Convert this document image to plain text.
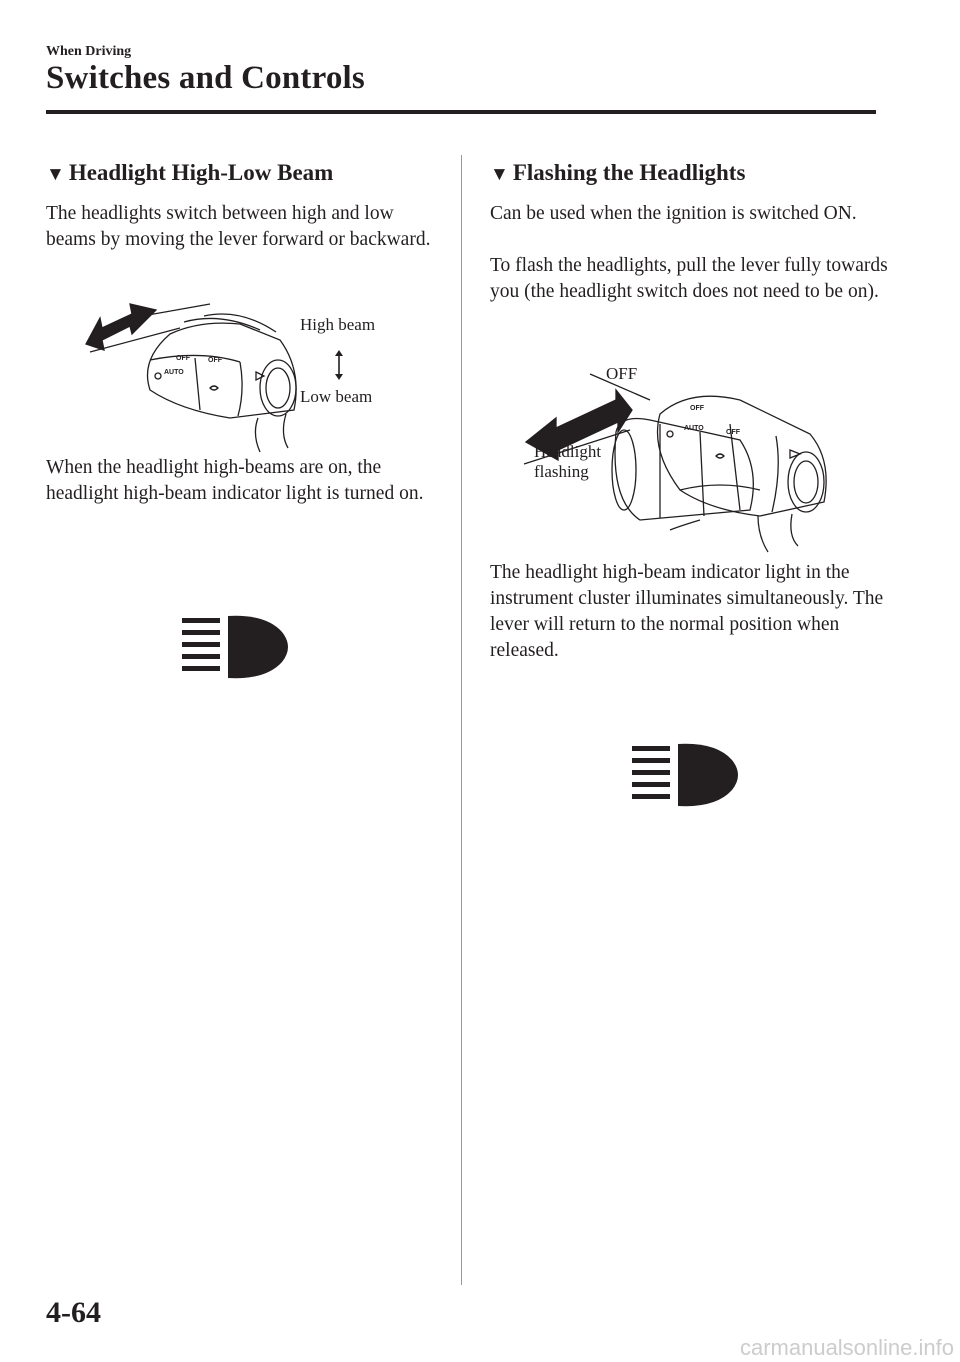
When Driving
Switches and Controls
▼ Headlight High-Low Beam

The headlights switch between high and low beams by moving the lever forward or backward.

OFF	OFF
AUTO
High beam
Low beam

When the headlight high-beams are on, the headlight high-beam indicator light is turned on.

▼ Flashing the Headlights

Can be used when the ignition is switched ON.

To flash the headlights, pull the lever fully towards you (the headlight switch does not need to be on).

OFF
OFF
OFF
AUTO
Headlight
flashing

The headlight high-beam indicator light in the instrument cluster illuminates simultaneously. The lever will return to the normal position when released.

4-64
carmanualsonline.info
